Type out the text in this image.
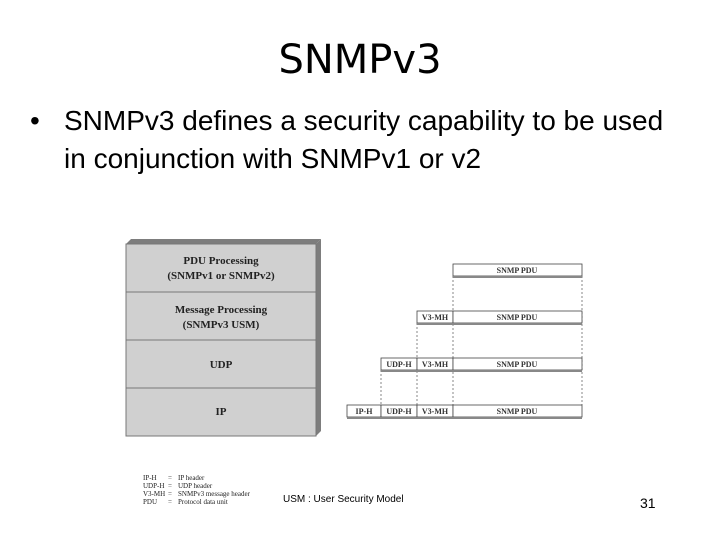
SNMPv3
• SNMPv3 defines a security capability to be used in conjunction with SNMPv1 or v2
PDU Processing
(SNMPv1 or SNMPv2)
Message Processing
(SNMPv3 USM)
UDP
IP
SNMP PDU
V3-MH	SNMP PDU
UDP-H V3-MH	SNMP PDU
IP-H UDP-H V3-MH	SNMP PDU
IP-H = IP header
UDP-H = UDP header
V3-MH = SNMPv3 message header
PDU = Protocol data unit	USM : User Security Model	31
